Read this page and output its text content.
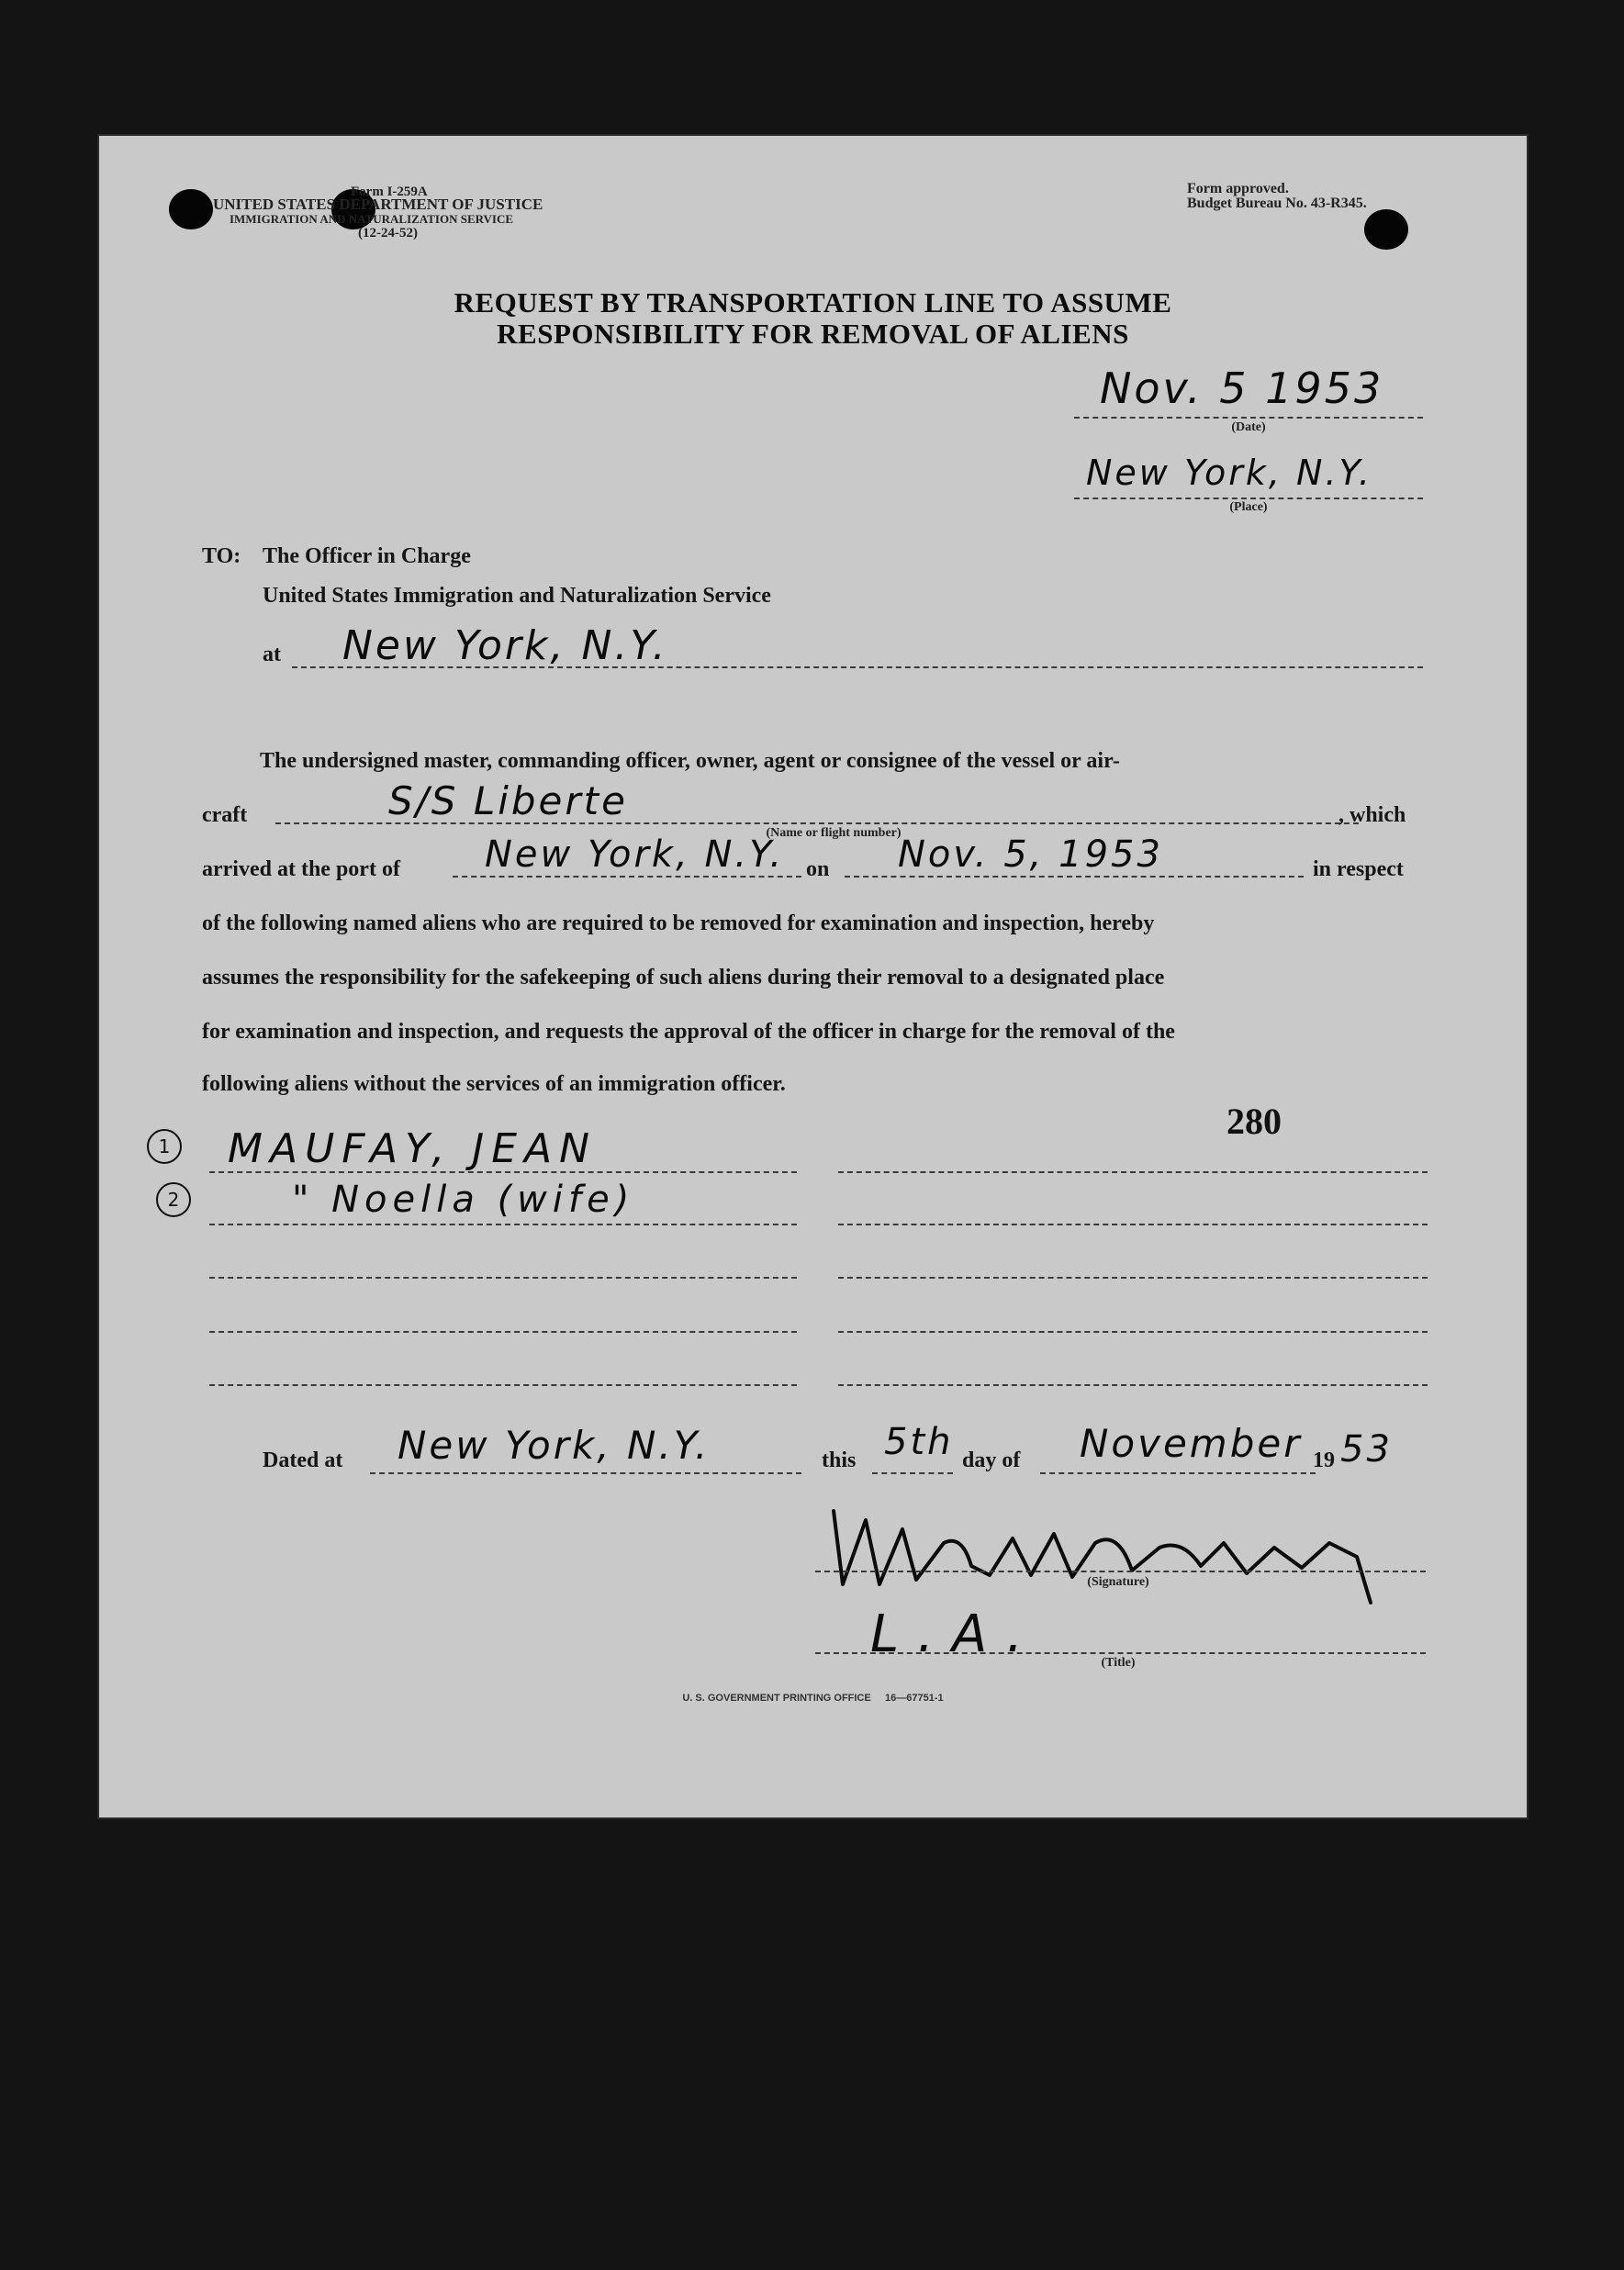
Form I-259A
UNITED STATES DEPARTMENT OF JUSTICE
IMMIGRATION AND NATURALIZATION SERVICE
(12-24-52)
Form approved.
Budget Bureau No. 43-R345.
REQUEST BY TRANSPORTATION LINE TO ASSUME
RESPONSIBILITY FOR REMOVAL OF ALIENS
Nov. 5 1953
(Date)
New York, N.Y.
(Place)
TO: The Officer in Charge
United States Immigration and Naturalization Service
at New York, N.Y.
The undersigned master, commanding officer, owner, agent or consignee of the vessel or air-
craft	S/S Liberte
(Name or flight number)
, which
arrived at the port of New York, N.Y. on Nov. 5, 1953	in respect
of the following named aliens who are required to be removed for examination and inspection, hereby
assumes the responsibility for the safekeeping of such aliens during their removal to a designated place
for examination and inspection, and requests the approval of the officer in charge for the removal of the
following aliens without the services of an immigration officer.
280
1 MAUFAY, JEAN
2	" Noella (wife)
Dated at New York, N.Y.	this 5th day of November 19 53
(Signature)
L.A.	(Title)
U. S. GOVERNMENT PRINTING OFFICE     16—67751-1
